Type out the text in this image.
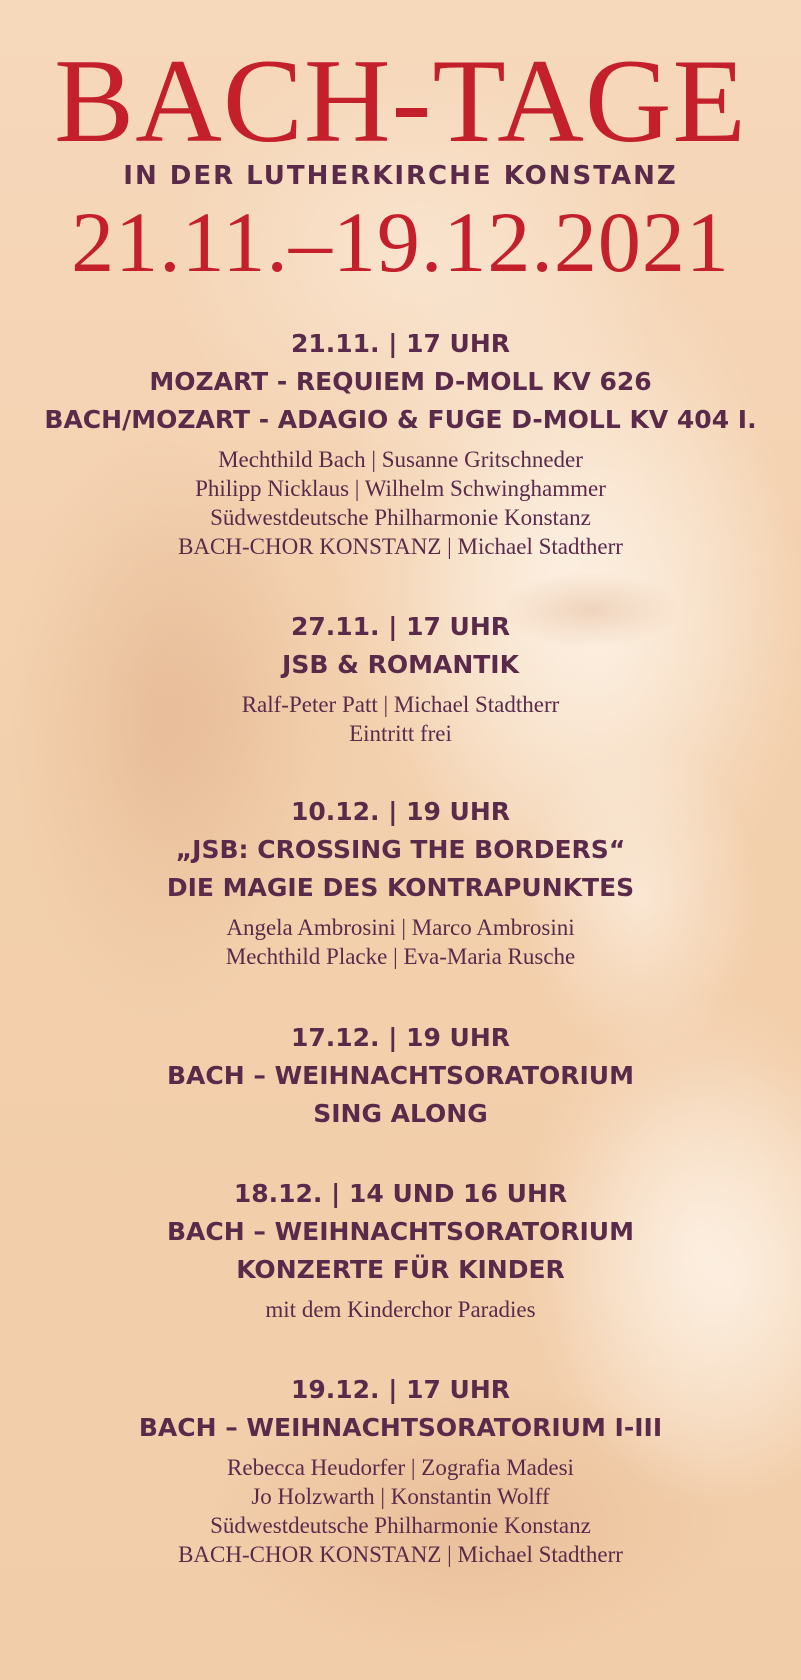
BACH-TAGE
IN DER LUTHERKIRCHE KONSTANZ
21.11.–19.12.2021
21.11. | 17 UHR
MOZART - REQUIEM D-MOLL KV 626
BACH/MOZART - ADAGIO & FUGE D-MOLL KV 404 I.
Mechthild Bach | Susanne Gritschneder
Philipp Nicklaus | Wilhelm Schwinghammer
Südwestdeutsche Philharmonie Konstanz
BACH-CHOR KONSTANZ | Michael Stadtherr
27.11. | 17 UHR
JSB & ROMANTIK
Ralf-Peter Patt | Michael Stadtherr
Eintritt frei
10.12. | 19 UHR
„JSB: CROSSING THE BORDERS“
DIE MAGIE DES KONTRAPUNKTES
Angela Ambrosini | Marco Ambrosini
Mechthild Placke | Eva-Maria Rusche
17.12. | 19 UHR
BACH – WEIHNACHTSORATORIUM
SING ALONG
18.12. | 14 UND 16 UHR
BACH – WEIHNACHTSORATORIUM
KONZERTE FÜR KINDER
mit dem Kinderchor Paradies
19.12. | 17 UHR
BACH – WEIHNACHTSORATORIUM I-III
Rebecca Heudorfer | Zografia Madesi
Jo Holzwarth | Konstantin Wolff
Südwestdeutsche Philharmonie Konstanz
BACH-CHOR KONSTANZ | Michael Stadtherr
